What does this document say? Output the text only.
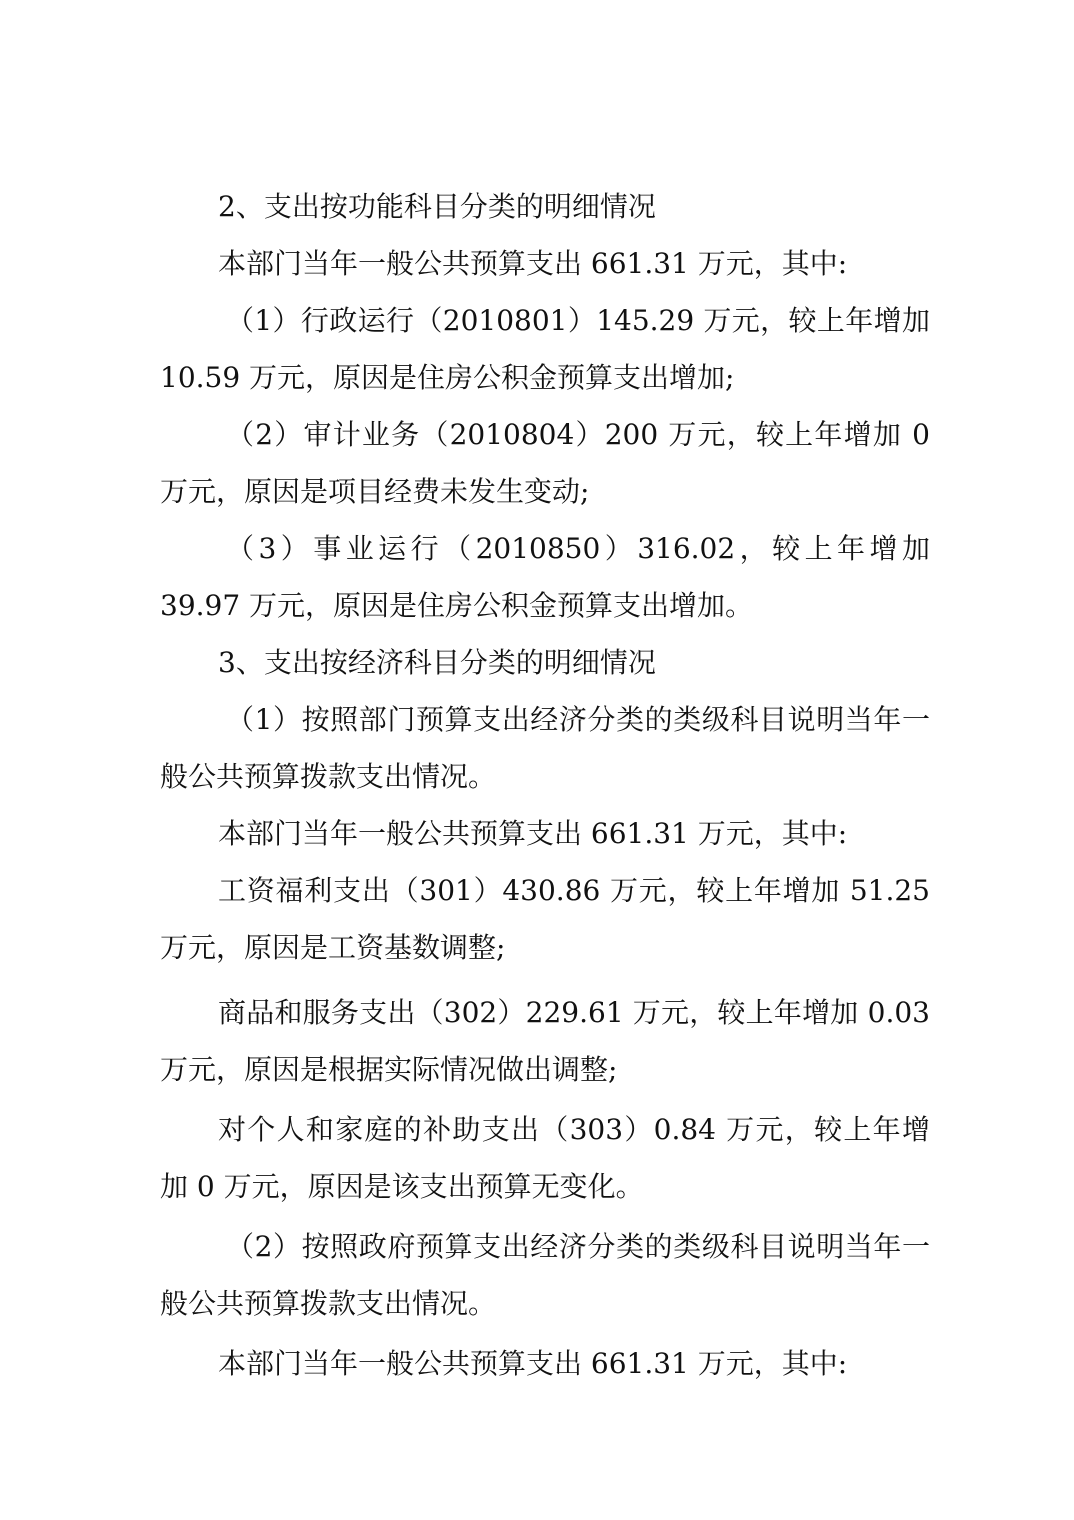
2、支出按功能科目分类的明细情况

本部门当年一般公共预算支出 661.31 万元，其中:

（1）行政运行（2010801）145.29 万元，较上年增加 10.59 万元，原因是住房公积金预算支出增加;

（2）审计业务（2010804）200 万元，较上年增加 0 万元，原因是项目经费未发生变动;

（3）事业运行（2010850）316.02，较上年增加 39.97 万元，原因是住房公积金预算支出增加。

3、支出按经济科目分类的明细情况

（1）按照部门预算支出经济分类的类级科目说明当年一般公共预算拨款支出情况。

本部门当年一般公共预算支出 661.31 万元，其中:

工资福利支出（301）430.86 万元，较上年增加 51.25 万元，原因是工资基数调整;

商品和服务支出（302）229.61 万元，较上年增加 0.03 万元，原因是根据实际情况做出调整;

对个人和家庭的补助支出（303）0.84 万元，较上年增加 0 万元，原因是该支出预算无变化。

（2）按照政府预算支出经济分类的类级科目说明当年一般公共预算拨款支出情况。

本部门当年一般公共预算支出 661.31 万元，其中:
